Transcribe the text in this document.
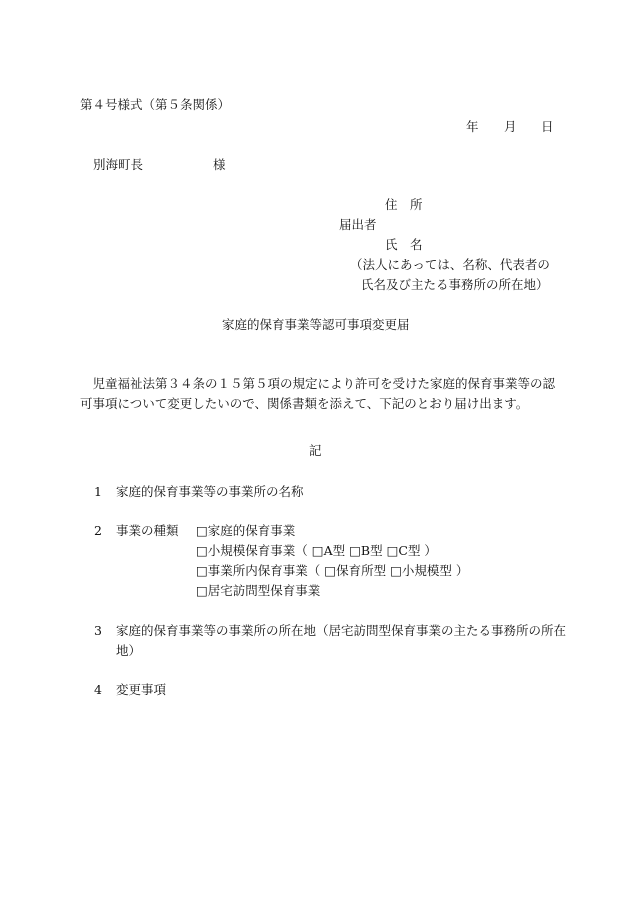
第４号様式（第５条関係）
年 月 日
別海町長	様
住　所
届出者
氏　名
（法人にあっては、名称、代表者の
氏名及び主たる事務所の所在地）
家庭的保育事業等認可事項変更届
　児童福祉法第３４条の１５第５項の規定により許可を受けた家庭的保育事業等の認可事項について変更したいので、関係書類を添えて、下記のとおり届け出ます。
記
1 家庭的保育事業等の事業所の名称
2 事業の種類 □家庭的保育事業
□小規模保育事業（ □A型 □B型 □C型 ）
□事業所内保育事業（ □保育所型 □小規模型 ）
□居宅訪問型保育事業
3 家庭的保育事業等の事業所の所在地（居宅訪問型保育事業の主たる事務所の所在
地）
4 変更事項
